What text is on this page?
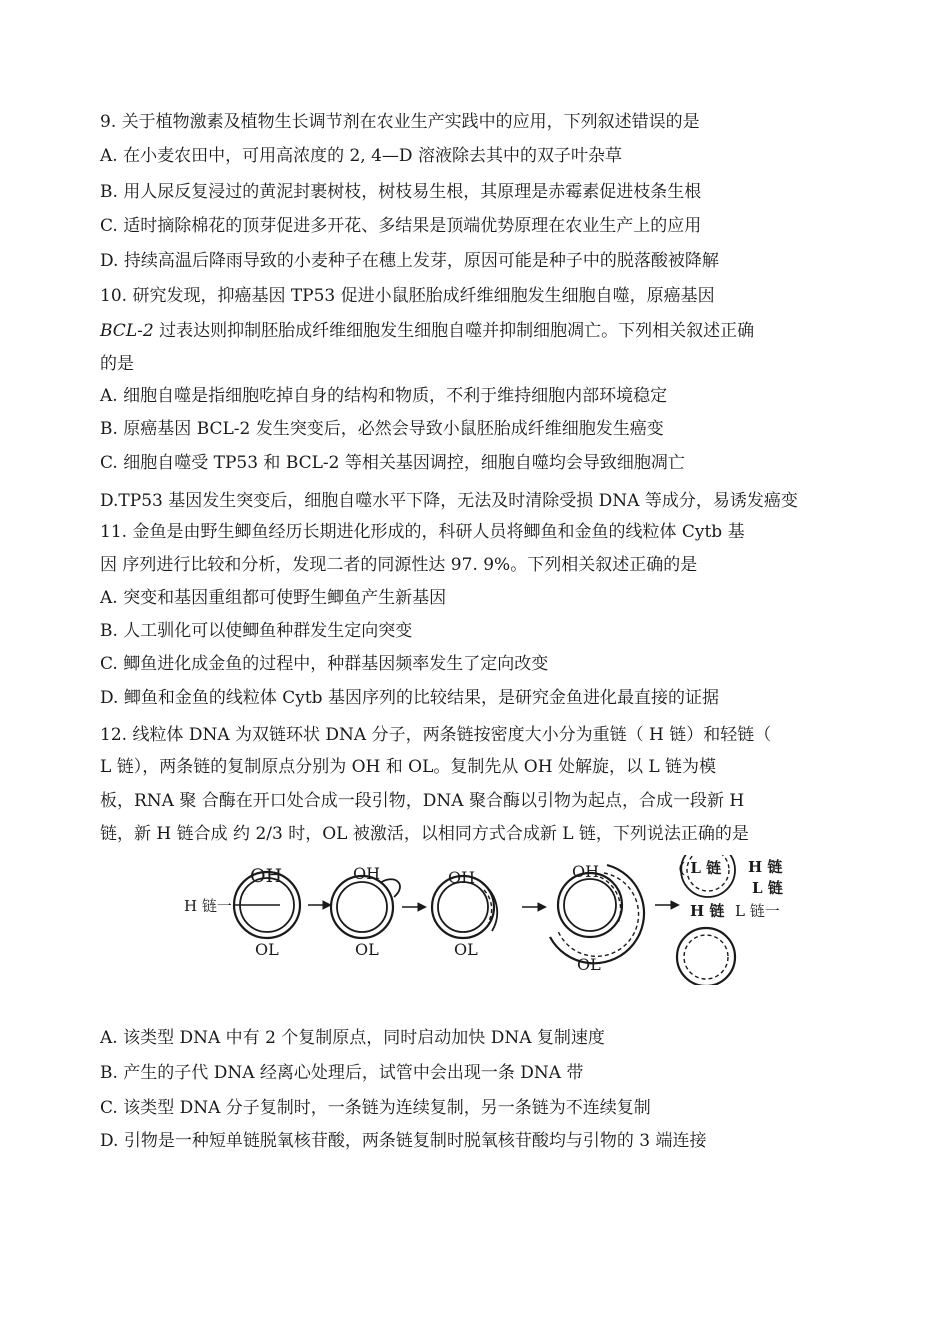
9. 关于植物激素及植物生长调节剂在农业生产实践中的应用，下列叙述错误的是
A. 在小麦农田中，可用高浓度的 2, 4—D 溶液除去其中的双子叶杂草
B. 用人尿反复浸过的黄泥封裹树枝，树枝易生根，其原理是赤霉素促进枝条生根
C. 适时摘除棉花的顶芽促进多开花、多结果是顶端优势原理在农业生产上的应用
D. 持续高温后降雨导致的小麦种子在穗上发芽，原因可能是种子中的脱落酸被降解
10. 研究发现，抑癌基因 TP53 促进小鼠胚胎成纤维细胞发生细胞自噬，原癌基因
BCL-2 过表达则抑制胚胎成纤维细胞发生细胞自噬并抑制细胞凋亡。下列相关叙述正确
的是
A. 细胞自噬是指细胞吃掉自身的结构和物质，不利于维持细胞内部环境稳定
B. 原癌基因 BCL-2 发生突变后，必然会导致小鼠胚胎成纤维细胞发生癌变
C. 细胞自噬受 TP53 和 BCL-2 等相关基因调控，细胞自噬均会导致细胞凋亡
D.TP53 基因发生突变后，细胞自噬水平下降，无法及时清除受损 DNA 等成分，易诱发癌变
11. 金鱼是由野生鲫鱼经历长期进化形成的，科研人员将鲫鱼和金鱼的线粒体 Cytb 基
因 序列进行比较和分析，发现二者的同源性达 97. 9%。下列相关叙述正确的是
A. 突变和基因重组都可使野生鲫鱼产生新基因
B. 人工驯化可以使鲫鱼种群发生定向突变
C. 鲫鱼进化成金鱼的过程中，种群基因频率发生了定向改变
D. 鲫鱼和金鱼的线粒体 Cytb 基因序列的比较结果，是研究金鱼进化最直接的证据
12. 线粒体 DNA 为双链环状 DNA 分子，两条链按密度大小分为重链（ H 链）和轻链（
L 链），两条链的复制原点分别为 OH 和 OL。复制先从 OH 处解旋，以 L 链为模
板，RNA 聚 合酶在开口处合成一段引物，DNA 聚合酶以引物为起点，合成一段新 H
链，新 H 链合成 约 2/3 时，OL 被激活，以相同方式合成新 L 链，下列说法正确的是
OH	OH	OH	OH
OL	OL	OL
OL
H 链一
( L 链 H 链
L 链
H 链 L 链一
A. 该类型 DNA 中有 2 个复制原点，同时启动加快 DNA 复制速度
B. 产生的子代 DNA 经离心处理后，试管中会出现一条 DNA 带
C. 该类型 DNA 分子复制时，一条链为连续复制，另一条链为不连续复制
D. 引物是一种短单链脱氧核苷酸，两条链复制时脱氧核苷酸均与引物的 3 端连接
